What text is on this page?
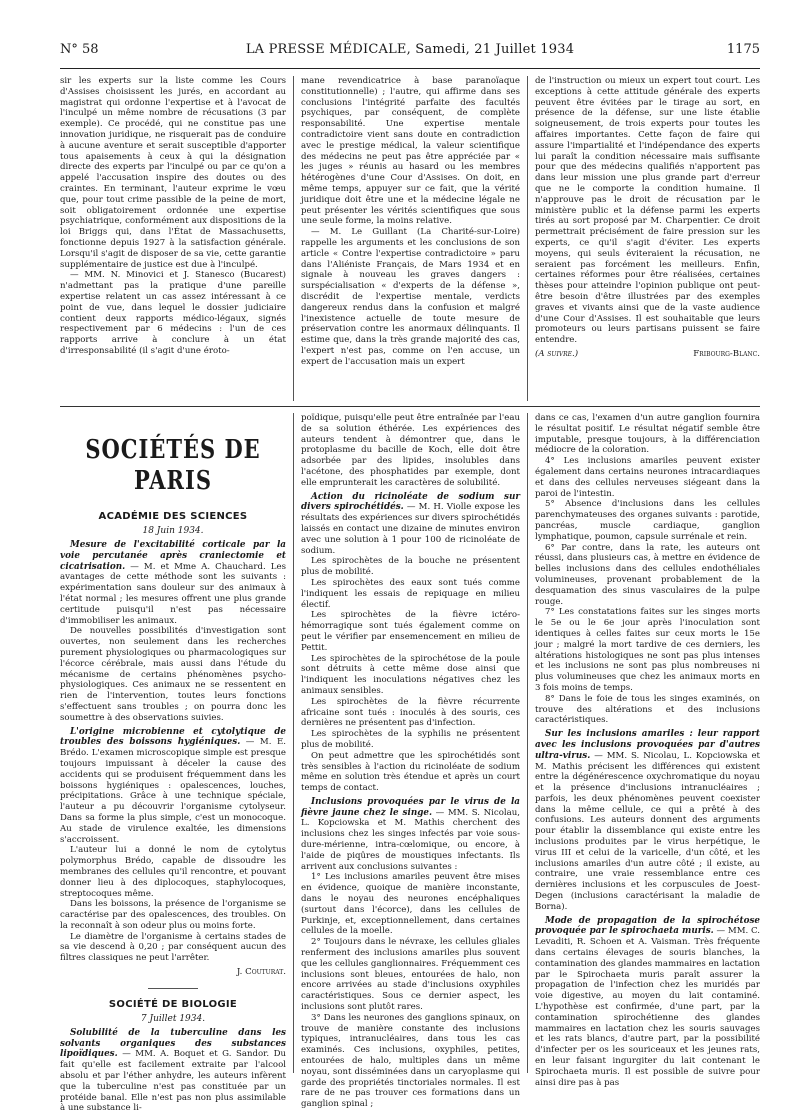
N° 58	LA PRESSE MÉDICALE, Samedi, 21 Juillet 1934	1175

sir les experts sur la liste comme les Cours d'Assises choisissent les jurés, en accordant au magistrat qui ordonne l'expertise et à l'avocat de l'inculpé un même nombre de récusations (3 par exemple). Ce procédé, qui ne constitue pas une innovation juridique, ne risquerait pas de conduire à aucune aventure et serait susceptible d'apporter tous apaisements à ceux à qui la désignation directe des experts par l'inculpé ou par ce qu'on a appelé l'accusation inspire des doutes ou des craintes. En terminant, l'auteur exprime le vœu que, pour tout crime passible de la peine de mort, soit obligatoirement ordonnée une expertise psychiatrique, conformément aux dispositions de la loi Briggs qui, dans l'État de Massachusetts, fonctionne depuis 1927 à la satisfaction générale. Lorsqu'il s'agit de disposer de sa vie, cette garantie supplémentaire de justice est due à l'inculpé.

— MM. N. Minovici et J. Stanesco (Bucarest) n'admettant pas la pratique d'une pareille expertise relatent un cas assez intéressant à ce point de vue, dans lequel le dossier judiciaire contient deux rapports médico-légaux, signés respectivement par 6 médecins : l'un de ces rapports arrive à conclure à un état d'irresponsabilité (il s'agit d'une éroto-

mane revendicatrice à base paranoïaque constitutionnelle) ; l'autre, qui affirme dans ses conclusions l'intégrité parfaite des facultés psychiques, par conséquent, de complète responsabilité. Une expertise mentale contradictoire vient sans doute en contradiction avec le prestige médical, la valeur scientifique des médecins ne peut pas être appréciée par « les juges » réunis au hasard ou les membres hétérogènes d'une Cour d'Assises. On doit, en même temps, appuyer sur ce fait, que la vérité juridique doit être une et la médecine légale ne peut présenter les vérités scientifiques que sous une seule forme, la moins relative.

— M. Le Guillant (La Charité-sur-Loire) rappelle les arguments et les conclusions de son article « Contre l'expertise contradictoire » paru dans l'Aliéniste Français, de Mars 1934 et en signale à nouveau les graves dangers : surspécialisation « d'experts de la défense », discrédit de l'expertise mentale, verdicts dangereux rendus dans la confusion et malgré l'inexistence actuelle de toute mesure de préservation contre les anormaux délinquants. Il estime que, dans la très grande majorité des cas, l'expert n'est pas, comme on l'en accuse, un expert de l'accusation mais un expert

de l'instruction ou mieux un expert tout court. Les exceptions à cette attitude générale des experts peuvent être évitées par le tirage au sort, en présence de la défense, sur une liste établie soigneusement, de trois experts pour toutes les affaires importantes. Cette façon de faire qui assure l'impartialité et l'indépendance des experts lui paraît la condition nécessaire mais suffisante pour que des médecins qualifiés n'apportent pas dans leur mission une plus grande part d'erreur que ne le comporte la condition humaine. Il n'approuve pas le droit de récusation par le ministère public et la défense parmi les experts tirés au sort proposé par M. Charpentier. Ce droit permettrait précisément de faire pression sur les experts, ce qu'il s'agit d'éviter. Les experts moyens, qui seuls éviteraient la récusation, ne seraient pas forcément les meilleurs. Enfin, certaines réformes pour être réalisées, certaines thèses pour atteindre l'opinion publique ont peut-être besoin d'être illustrées par des exemples graves et vivants ainsi que de la vaste audience d'une Cour d'Assises. Il est souhaitable que leurs promoteurs ou leurs partisans puissent se faire entendre.

(A suivre.)	Fribourg-Blanc.

SOCIÉTÉS DE PARIS
ACADÉMIE DES SCIENCES
18 Juin 1934.

Mesure de l'excitabilité corticale par la voie percutanée après craniectomie et cicatrisation. — M. et Mme A. Chauchard. Les avantages de cette méthode sont les suivants : expérimentation sans douleur sur des animaux à l'état normal ; les mesures offrent une plus grande certitude puisqu'il n'est pas nécessaire d'immobiliser les animaux.

De nouvelles possibilités d'investigation sont ouvertes, non seulement dans les recherches purement physiologiques ou pharmacologiques sur l'écorce cérébrale, mais aussi dans l'étude du mécanisme de certains phénomènes psycho-physiologiques. Ces animaux ne se ressentent en rien de l'intervention, toutes leurs fonctions s'effectuent sans troubles ; on pourra donc les soumettre à des observations suivies.

L'origine microbienne et cytolytique de troubles des boissons hygiéniques. — M. E. Brédo. L'examen microscopique simple est presque toujours impuissant à déceler la cause des accidents qui se produisent fréquemment dans les boissons hygiéniques : opalescences, louches, précipitations. Grâce à une technique spéciale, l'auteur a pu découvrir l'organisme cytolyseur. Dans sa forme la plus simple, c'est un monocoque. Au stade de virulence exaltée, les dimensions s'accroissent.

L'auteur lui a donné le nom de cytolytus polymorphus Brédo, capable de dissoudre les membranes des cellules qu'il rencontre, et pouvant donner lieu à des diplocoques, staphylocoques, streptocoques même.

Dans les boissons, la présence de l'organisme se caractérise par des opalescences, des troubles. On la reconnaît à son odeur plus ou moins forte.

Le diamètre de l'organisme à certains stades de sa vie descend à 0,20 ; par conséquent aucun des filtres classiques ne peut l'arrêter.

J. Couturat.

SOCIÉTÉ DE BIOLOGIE
7 Juillet 1934.

Solubilité de la tuberculine dans les solvants organiques des substances lipoïdiques. — MM. A. Boquet et G. Sandor. Du fait qu'elle est facilement extraite par l'alcool absolu et par l'éther anhydre, les auteurs infèrent que la tuberculine n'est pas constituée par un protéide banal. Elle n'est pas non plus assimilable à une substance li-

poïdique, puisqu'elle peut être entraînée par l'eau de sa solution éthérée. Les expériences des auteurs tendent à démontrer que, dans le protoplasme du bacille de Koch, elle doit être adsorbée par des lipides, insolubles dans l'acétone, des phosphatides par exemple, dont elle emprunterait les caractères de solubilité.

Action du ricinoléate de sodium sur divers spirochétidés. — M. H. Violle expose les résultats des expériences sur divers spirochétidés laissés en contact une dizaine de minutes environ avec une solution à 1 pour 100 de ricinoléate de sodium.

Les spirochètes de la bouche ne présentent plus de mobilité.

Les spirochètes des eaux sont tués comme l'indiquent les essais de repiquage en milieu électif.

Les spirochètes de la fièvre ictéro-hémorragique sont tués également comme on peut le vérifier par ensemencement en milieu de Pettit.

Les spirochètes de la spirochétose de la poule sont détruits à cette même dose ainsi que l'indiquent les inoculations négatives chez les animaux sensibles.

Les spirochètes de la fièvre récurrente africaine sont tués : inoculés à des souris, ces dernières ne présentent pas d'infection.

Les spirochètes de la syphilis ne présentent plus de mobilité.

On peut admettre que les spirochétidés sont très sensibles à l'action du ricinoléate de sodium même en solution très étendue et après un court temps de contact.

Inclusions provoquées par le virus de la fièvre jaune chez le singe. — MM. S. Nicolau, L. Kopciowska et M. Mathis cherchent des inclusions chez les singes infectés par voie sous-dure-mérienne, intra-cœlomique, ou encore, à l'aide de piqûres de moustiques infectants. Ils arrivent aux conclusions suivantes :

1° Les inclusions amariles peuvent être mises en évidence, quoique de manière inconstante, dans le noyau des neurones encéphaliques (surtout dans l'écorce), dans les cellules de Purkinje, et, exceptionnellement, dans certaines cellules de la moelle.

2° Toujours dans le névraxe, les cellules gliales renferment des inclusions amariles plus souvent que les cellules ganglionnaires. Fréquemment ces inclusions sont bleues, entourées de halo, non encore arrivées au stade d'inclusions oxyphiles caractéristiques. Sous ce dernier aspect, les inclusions sont plutôt rares.

3° Dans les neurones des ganglions spinaux, on trouve de manière constante des inclusions typiques, intranucléaires, dans tous les cas examinés. Ces inclusions, oxyphiles, petites, entourées de halo, multiples dans un même noyau, sont disséminées dans un caryoplasme qui garde des propriétés tinctoriales normales. Il est rare de ne pas trouver ces formations dans un ganglion spinal ;

dans ce cas, l'examen d'un autre ganglion fournira le résultat positif. Le résultat négatif semble être imputable, presque toujours, à la différenciation médiocre de la coloration.

4° Les inclusions amariles peuvent exister également dans certains neurones intracardiaques et dans des cellules nerveuses siégeant dans la paroi de l'intestin.

5° Absence d'inclusions dans les cellules parenchymateuses des organes suivants : parotide, pancréas, muscle cardiaque, ganglion lymphatique, poumon, capsule surrénale et rein.

6° Par contre, dans la rate, les auteurs ont réussi, dans plusieurs cas, à mettre en évidence de belles inclusions dans des cellules endothéliales volumineuses, provenant probablement de la desquamation des sinus vasculaires de la pulpe rouge.

7° Les constatations faites sur les singes morts le 5e ou le 6e jour après l'inoculation sont identiques à celles faites sur ceux morts le 15e jour ; malgré la mort tardive de ces derniers, les altérations histologiques ne sont pas plus intenses et les inclusions ne sont pas plus nombreuses ni plus volumineuses que chez les animaux morts en 3 fois moins de temps.

8° Dans le foie de tous les singes examinés, on trouve des altérations et des inclusions caractéristiques.

Sur les inclusions amariles : leur rapport avec les inclusions provoquées par d'autres ultra-virus. — MM. S. Nicolau, L. Kopciowska et M. Mathis précisent les différences qui existent entre la dégénérescence oxychromatique du noyau et la présence d'inclusions intranucléaires ; parfois, les deux phénomènes peuvent coexister dans la même cellule, ce qui a prêté à des confusions. Les auteurs donnent des arguments pour établir la dissemblance qui existe entre les inclusions produites par le virus herpétique, le virus III et celui de la varicelle, d'un côté, et les inclusions amariles d'un autre côté ; il existe, au contraire, une vraie ressemblance entre ces dernières inclusions et les corpuscules de Joest-Degen (inclusions caractérisant la maladie de Borna).

Mode de propagation de la spirochétose provoquée par le spirochaeta muris. — MM. C. Levaditi, R. Schoen et A. Vaisman. Très fréquente dans certains élevages de souris blanches, la contamination des glandes mammaires en lactation par le Spirochaeta muris paraît assurer la propagation de l'infection chez les muridés par voie digestive, au moyen du lait contaminé. L'hypothèse est confirmée, d'une part, par la contamination spirochétienne des glandes mammaires en lactation chez les souris sauvages et les rats blancs, d'autre part, par la possibilité d'infecter per os les souriceaux et les jeunes rats, en leur faisant ingurgiter du lait contenant le Spirochaeta muris. Il est possible de suivre pour ainsi dire pas à pas
